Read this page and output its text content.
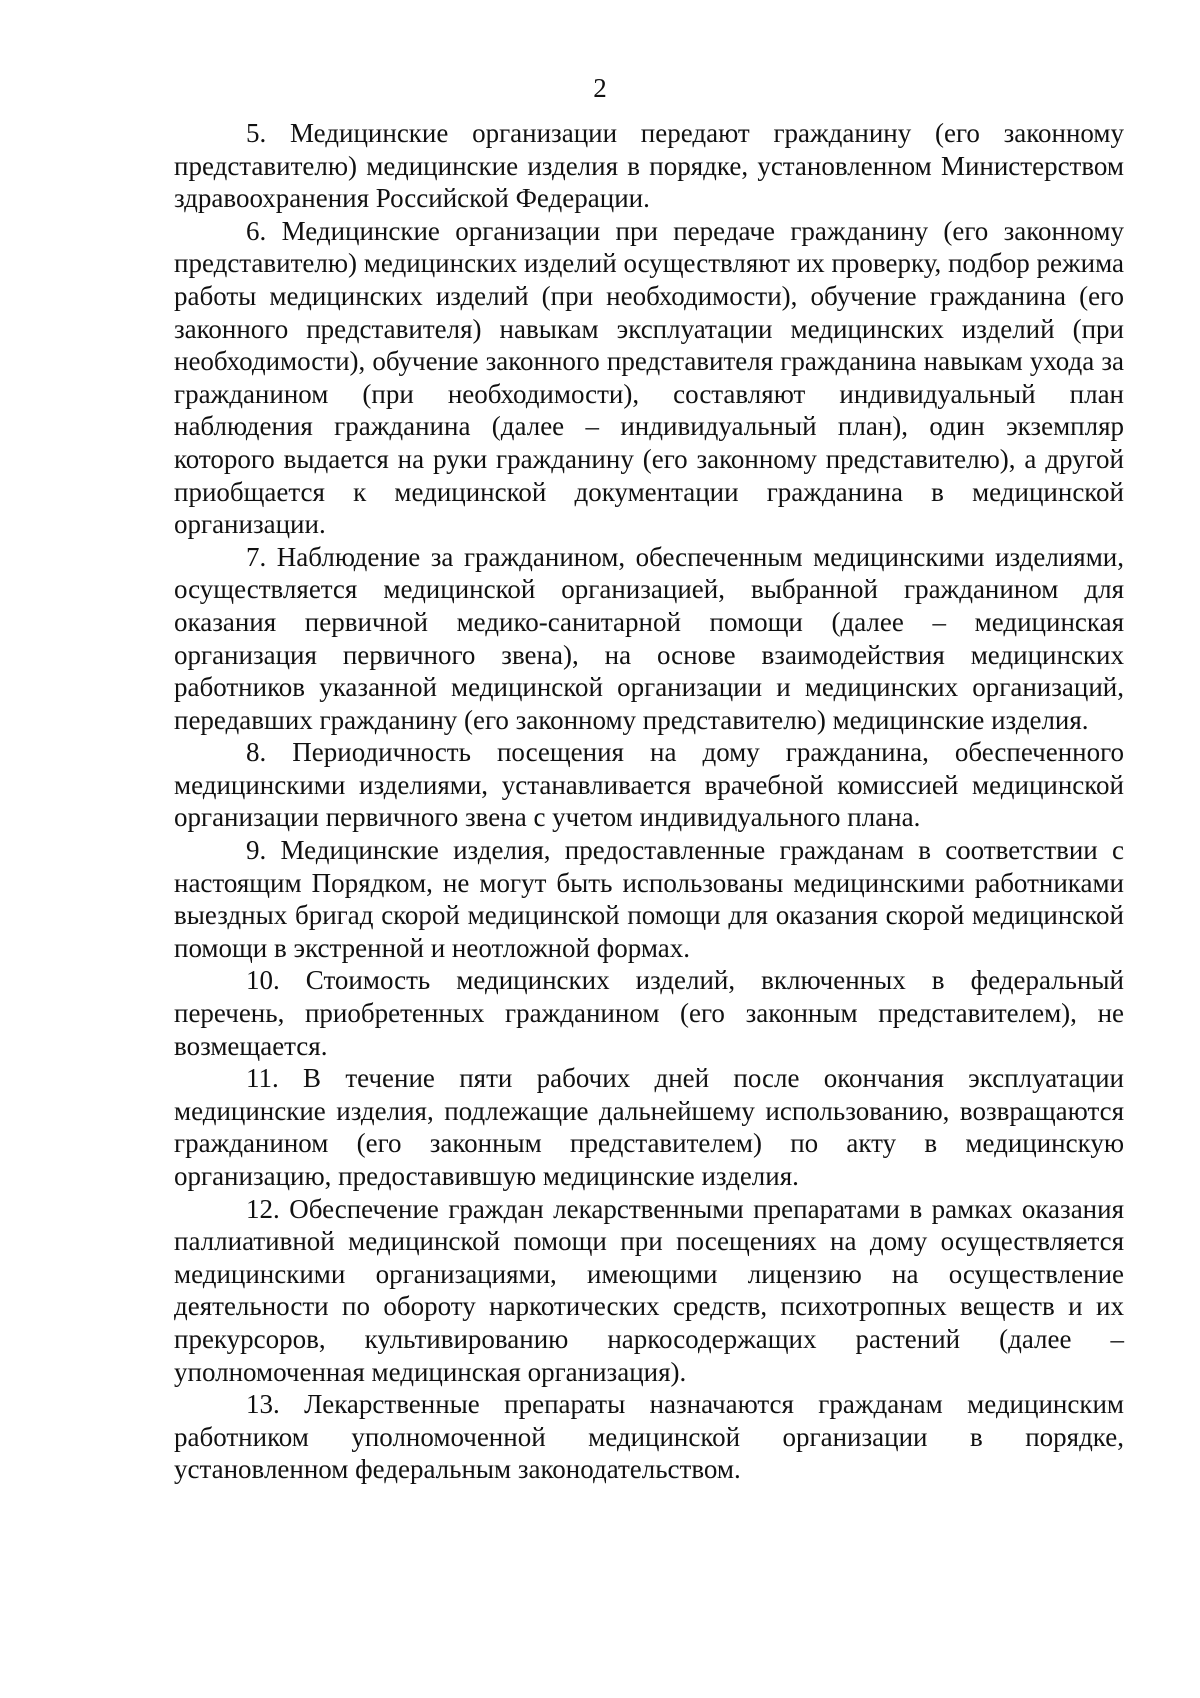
2

5. Медицинские организации передают гражданину (его законному представителю) медицинские изделия в порядке, установленном Министерством здравоохранения Российской Федерации.

6. Медицинские организации при передаче гражданину (его законному представителю) медицинских изделий осуществляют их проверку, подбор режима работы медицинских изделий (при необходимости), обучение гражданина (его законного представителя) навыкам эксплуатации медицинских изделий (при необходимости), обучение законного представителя гражданина навыкам ухода за гражданином (при необходимости), составляют индивидуальный план наблюдения гражданина (далее – индивидуальный план), один экземпляр которого выдается на руки гражданину (его законному представителю), а другой приобщается к медицинской документации гражданина в медицинской организации.

7. Наблюдение за гражданином, обеспеченным медицинскими изделиями, осуществляется медицинской организацией, выбранной гражданином для оказания первичной медико-санитарной помощи (далее – медицинская организация первичного звена), на основе взаимодействия медицинских работников указанной медицинской организации и медицинских организаций, передавших гражданину (его законному представителю) медицинские изделия.

8. Периодичность посещения на дому гражданина, обеспеченного медицинскими изделиями, устанавливается врачебной комиссией медицинской организации первичного звена с учетом индивидуального плана.

9. Медицинские изделия, предоставленные гражданам в соответствии с настоящим Порядком, не могут быть использованы медицинскими работниками выездных бригад скорой медицинской помощи для оказания скорой медицинской помощи в экстренной и неотложной формах.

10. Стоимость медицинских изделий, включенных в федеральный перечень, приобретенных гражданином (его законным представителем), не возмещается.

11. В течение пяти рабочих дней после окончания эксплуатации медицинские изделия, подлежащие дальнейшему использованию, возвращаются гражданином (его законным представителем) по акту в медицинскую организацию, предоставившую медицинские изделия.

12. Обеспечение граждан лекарственными препаратами в рамках оказания паллиативной медицинской помощи при посещениях на дому осуществляется медицинскими организациями, имеющими лицензию на осуществление деятельности по обороту наркотических средств, психотропных веществ и их прекурсоров, культивированию наркосодержащих растений (далее – уполномоченная медицинская организация).

13. Лекарственные препараты назначаются гражданам медицинским работником уполномоченной медицинской организации в порядке, установленном федеральным законодательством.
